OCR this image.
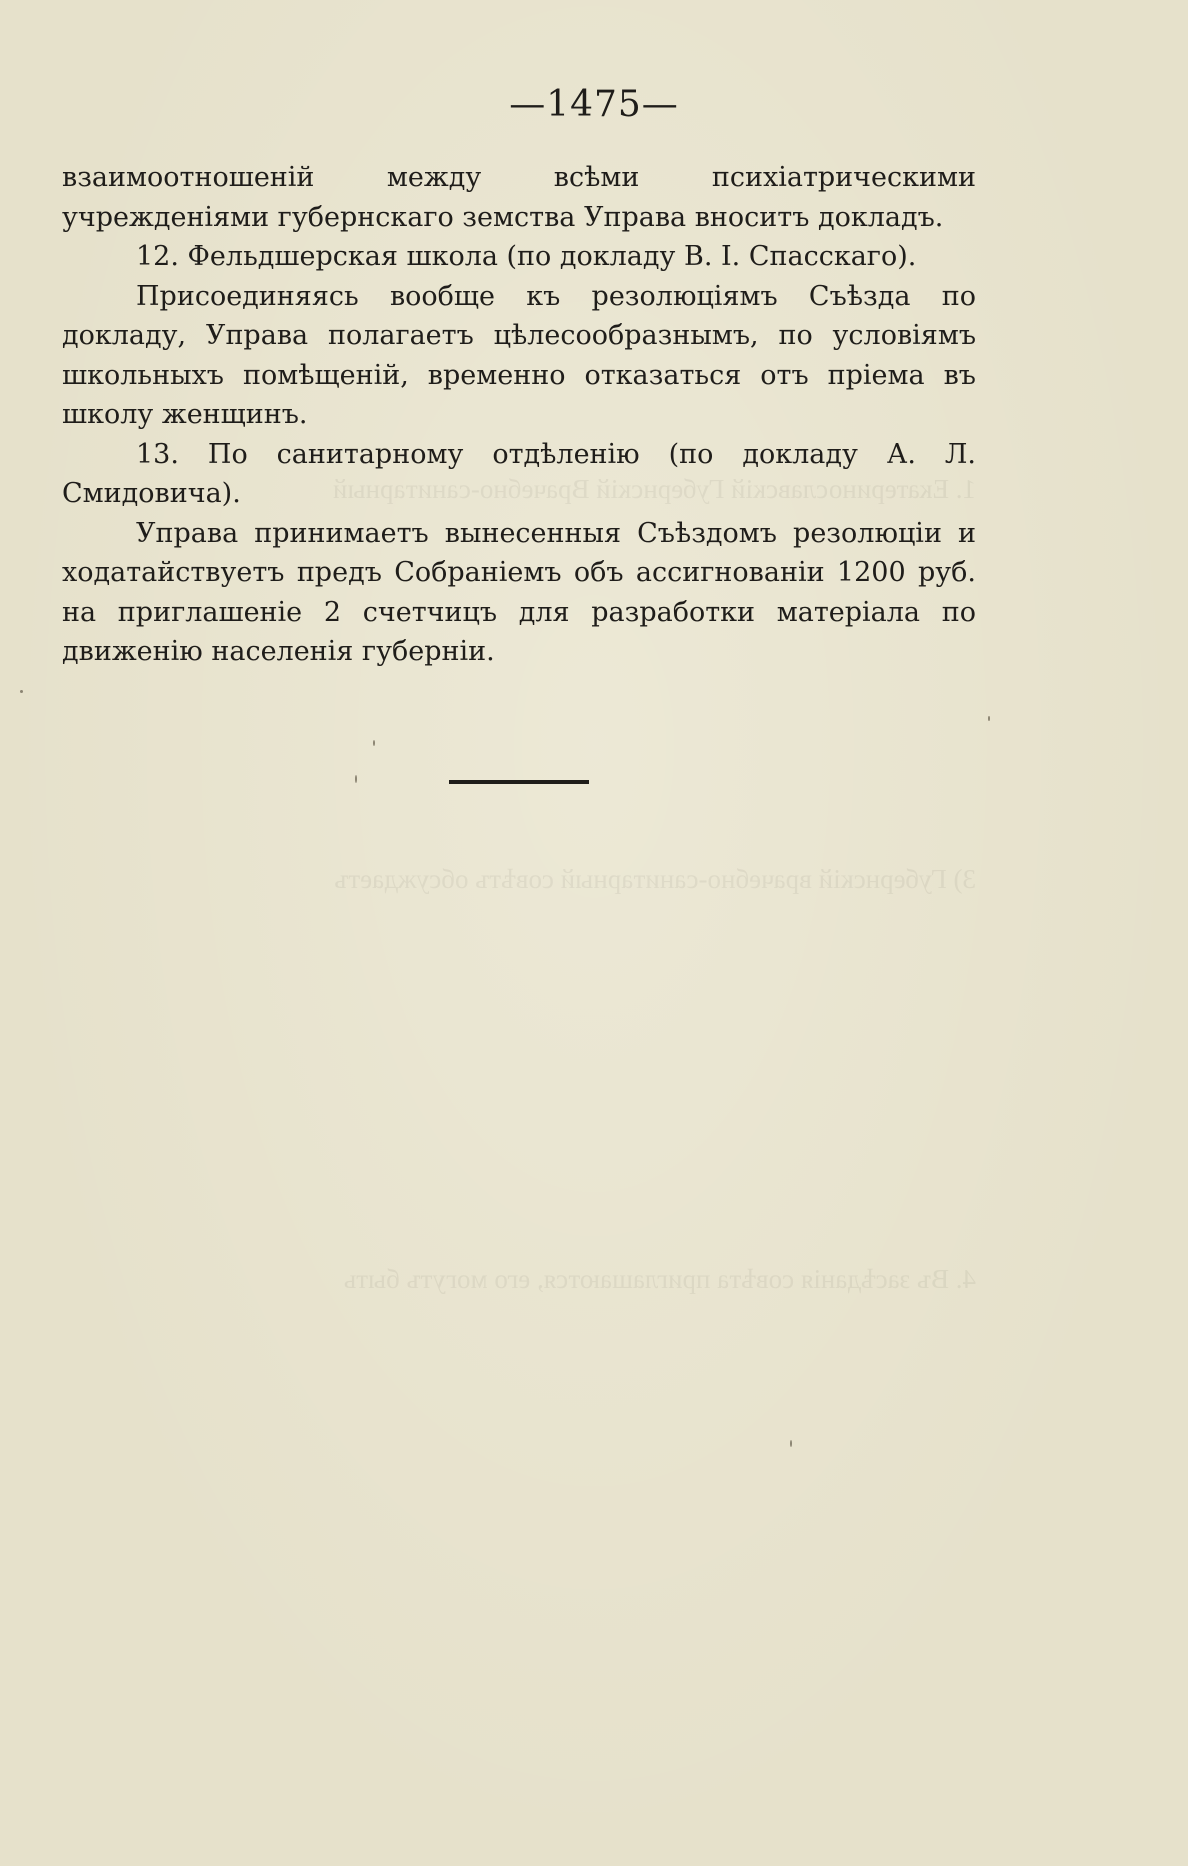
1. Екатеринославскій Губернскій Врачебно-санитарный
3) Губернскій врачебно-санитарный совѣтъ обсуждаетъ
4. Въ засѣданія совѣта приглашаются, его могутъ быть
—1475—

взаимоотношеній между всѣми психіатрическими учрежденіями губернскаго земства Управа вноситъ докладъ.

12. Фельдшерская школа (по докладу В. І. Спасскаго).

Присоединяясь вообще къ резолюціямъ Съѣзда по докладу, Управа полагаетъ цѣлесообразнымъ, по условіямъ школьныхъ помѣщеній, временно отказаться отъ пріема въ школу женщинъ.

13. По санитарному отдѣленію (по докладу А. Л. Смидовича).

Управа принимаетъ вынесенныя Съѣздомъ резолюціи и ходатайствуетъ предъ Собраніемъ объ ассигнованіи 1200 руб. на приглашеніе 2 счетчицъ для разработки матеріала по движенію населенія губерніи.
